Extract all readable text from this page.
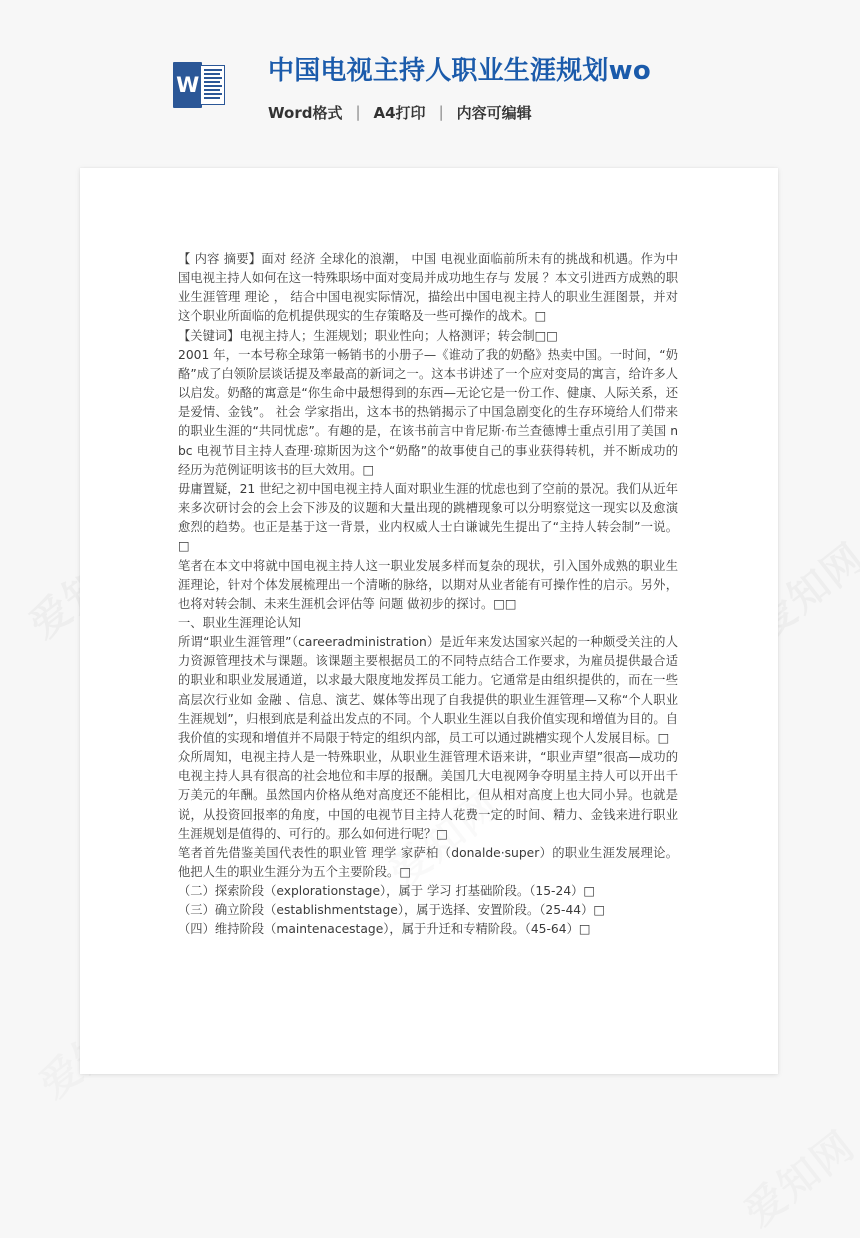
W	中国电视主持人职业生涯规划wo
Word格式 | A4打印 | 内容可编辑

【 内容 摘要】面对 经济 全球化的浪潮， 中国 电视业面临前所未有的挑战和机遇。作为中国电视主持人如何在这一特殊职场中面对变局并成功地生存与 发展 ？本文引进西方成熟的职业生涯管理 理论 ， 结合中国电视实际情况，描绘出中国电视主持人的职业生涯图景，并对这个职业所面临的危机提供现实的生存策略及一些可操作的战术。□

【关键词】电视主持人；生涯规划；职业性向；人格测评；转会制□□

2001 年，一本号称全球第一畅销书的小册子—《谁动了我的奶酪》热卖中国。一时间，“奶酪”成了白领阶层谈话提及率最高的新词之一。这本书讲述了一个应对变局的寓言，给许多人以启发。奶酪的寓意是“你生命中最想得到的东西—无论它是一份工作、健康、人际关系，还是爱情、金钱”。 社会 学家指出，这本书的热销揭示了中国急剧变化的生存环境给人们带来的职业生涯的“共同忧虑”。有趣的是，在该书前言中肯尼斯·布兰查德博士重点引用了美国 nbc 电视节目主持人查理·琼斯因为这个“奶酪”的故事使自己的事业获得转机，并不断成功的经历为范例证明该书的巨大效用。□

毋庸置疑，21 世纪之初中国电视主持人面对职业生涯的忧虑也到了空前的景况。我们从近年来多次研讨会的会上会下涉及的议题和大量出现的跳槽现象可以分明察觉这一现实以及愈演愈烈的趋势。也正是基于这一背景，业内权威人士白谦诚先生提出了“主持人转会制”一说。□

笔者在本文中将就中国电视主持人这一职业发展多样而复杂的现状，引入国外成熟的职业生涯理论，针对个体发展梳理出一个清晰的脉络，以期对从业者能有可操作性的启示。另外，也将对转会制、未来生涯机会评估等 问题 做初步的探讨。□□

一、职业生涯理论认知

所谓“职业生涯管理”（careeradministration）是近年来发达国家兴起的一种颇受关注的人力资源管理技术与课题。该课题主要根据员工的不同特点结合工作要求，为雇员提供最合适的职业和职业发展通道，以求最大限度地发挥员工能力。它通常是由组织提供的，而在一些高层次行业如 金融 、信息、演艺、媒体等出现了自我提供的职业生涯管理—又称“个人职业生涯规划”，归根到底是利益出发点的不同。个人职业生涯以自我价值实现和增值为目的。自我价值的实现和增值并不局限于特定的组织内部，员工可以通过跳槽实现个人发展目标。□

众所周知，电视主持人是一特殊职业，从职业生涯管理术语来讲，“职业声望”很高—成功的电视主持人具有很高的社会地位和丰厚的报酬。美国几大电视网争夺明星主持人可以开出千万美元的年酬。虽然国内价格从绝对高度还不能相比，但从相对高度上也大同小异。也就是说，从投资回报率的角度，中国的电视节目主持人花费一定的时间、精力、金钱来进行职业生涯规划是值得的、可行的。那么如何进行呢？□

笔者首先借鉴美国代表性的职业管 理学 家萨柏（donalde·super）的职业生涯发展理论。他把人生的职业生涯分为五个主要阶段。□

（二）探索阶段（explorationstage），属于 学习 打基础阶段。（15-24）□

（三）确立阶段（establishmentstage），属于选择、安置阶段。（25-44）□

（四）维持阶段（maintenacestage），属于升迁和专精阶段。（45-64）□
